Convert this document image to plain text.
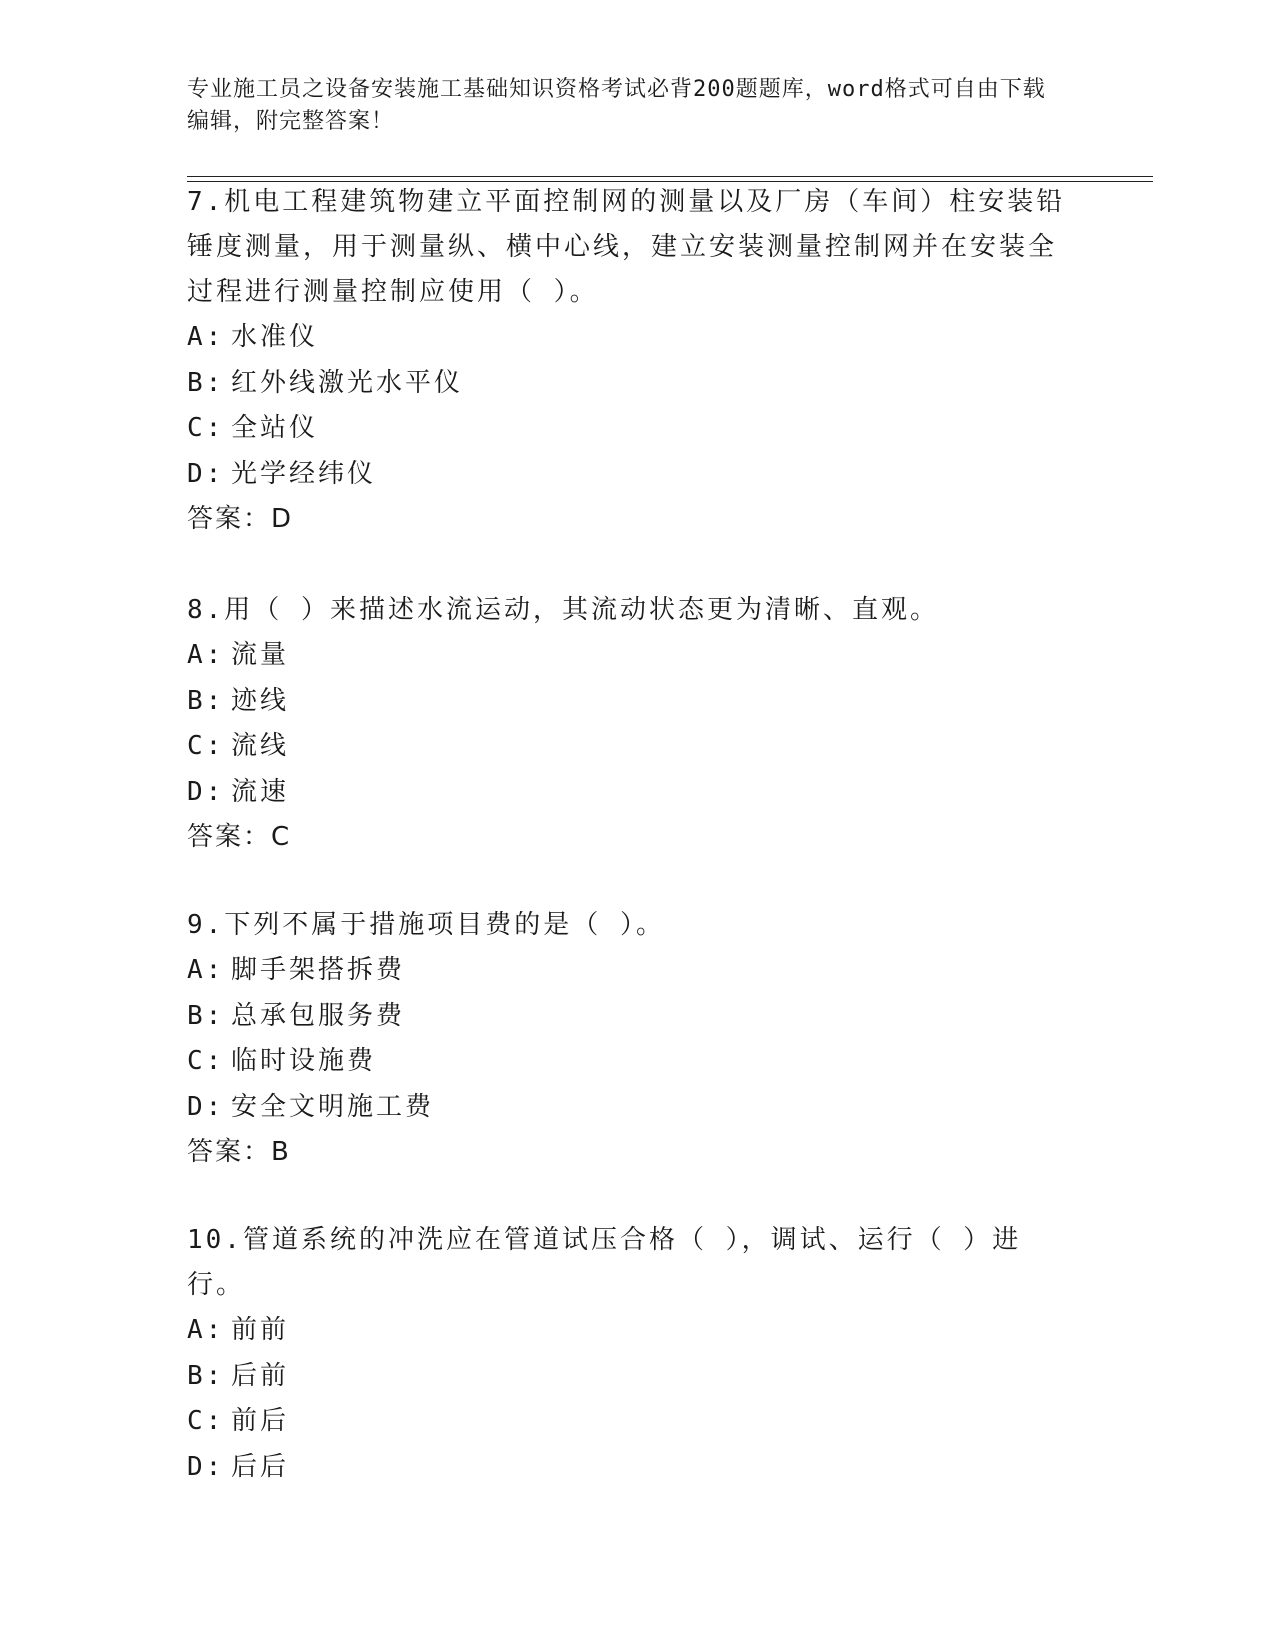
专业施工员之设备安装施工基础知识资格考试必背200题题库，word格式可自由下载编辑，附完整答案！

7.机电工程建筑物建立平面控制网的测量以及厂房（车间）柱安装铅锤度测量，用于测量纵、横中心线，建立安装测量控制网并在安装全过程进行测量控制应使用（ ）。

A: 水准仪
B: 红外线激光水平仪
C: 全站仪
D: 光学经纬仪
答案：D

8.用（ ）来描述水流运动，其流动状态更为清晰、直观。

A: 流量
B: 迹线
C: 流线
D: 流速
答案：C

9.下列不属于措施项目费的是（ ）。

A: 脚手架搭拆费
B: 总承包服务费
C: 临时设施费
D: 安全文明施工费
答案：B

10.管道系统的冲洗应在管道试压合格（ ），调试、运行（ ）进行。

A: 前前
B: 后前
C: 前后
D: 后后
